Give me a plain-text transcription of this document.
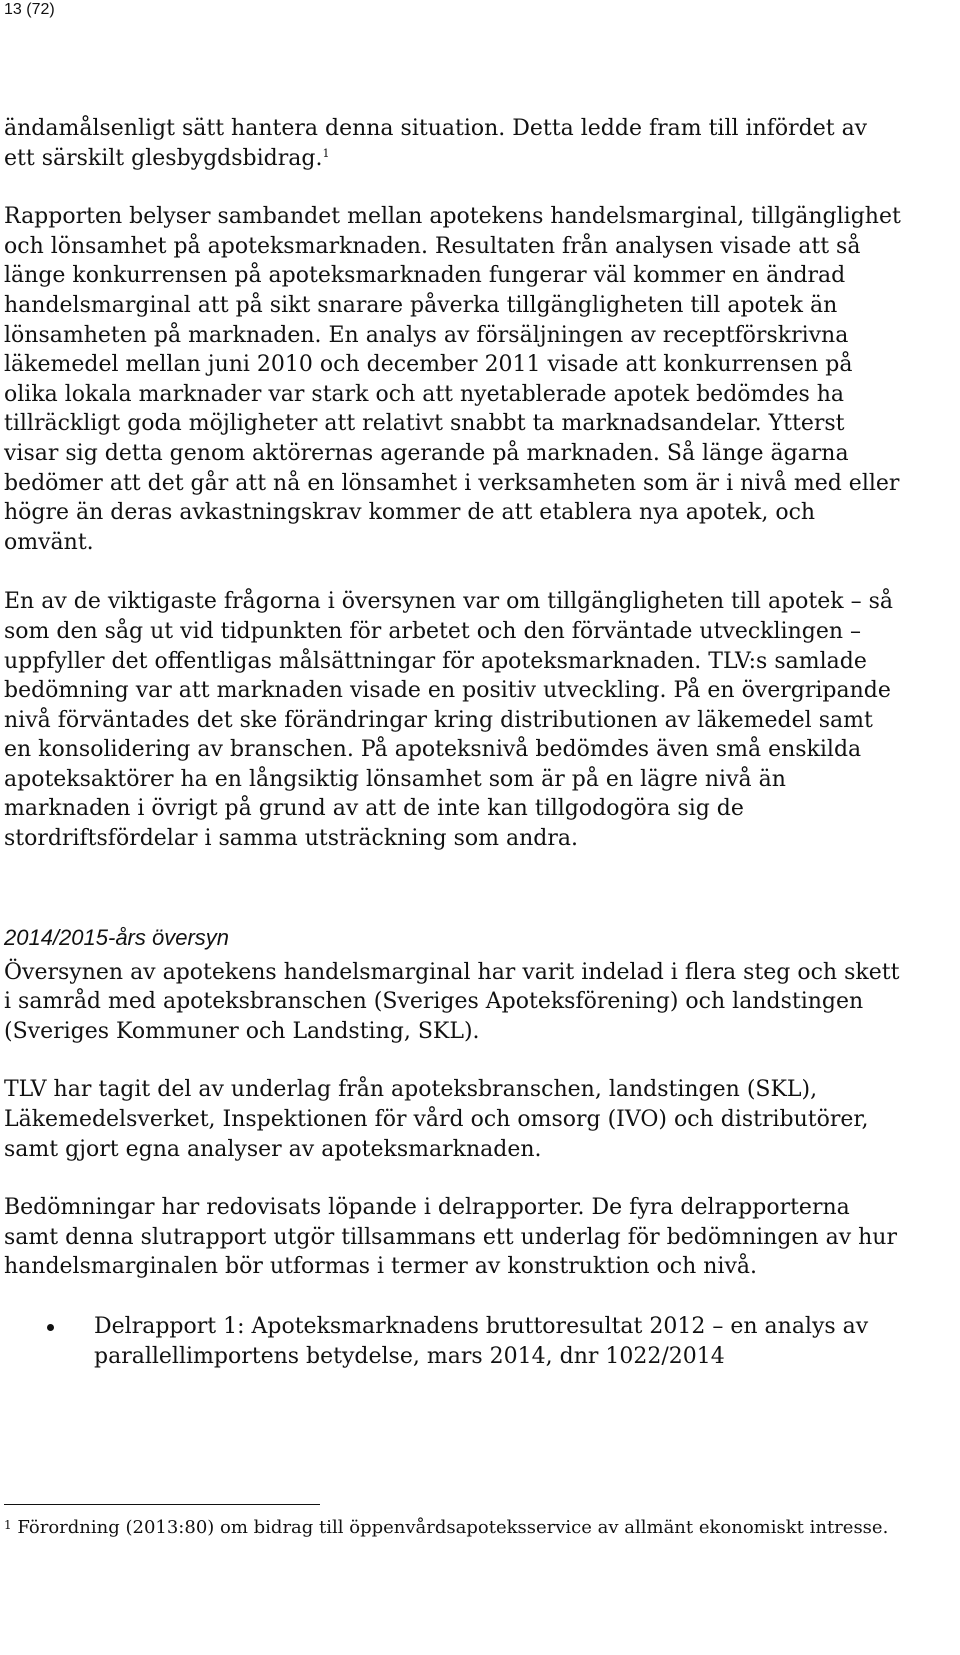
13 (72)

ändamålsenligt sätt hantera denna situation. Detta ledde fram till infördet av ett särskilt glesbygdsbidrag.$^1$

Rapporten belyser sambandet mellan apotekens handelsmarginal, tillgänglighet och lönsamhet på apoteksmarknaden. Resultaten från analysen visade att så länge konkurrensen på apoteksmarknaden fungerar väl kommer en ändrad handelsmarginal att på sikt snarare påverka tillgängligheten till apotek än lönsamheten på marknaden. En analys av försäljningen av receptförskrivna läkemedel mellan juni 2010 och december 2011 visade att konkurrensen på olika lokala marknader var stark och att nyetablerade apotek bedömdes ha tillräckligt goda möjligheter att relativt snabbt ta marknadsandelar. Ytterst visar sig detta genom aktörernas agerande på marknaden. Så länge ägarna bedömer att det går att nå en lönsamhet i verksamheten som är i nivå med eller högre än deras avkastningskrav kommer de att etablera nya apotek, och omvänt.

En av de viktigaste frågorna i översynen var om tillgängligheten till apotek – så som den såg ut vid tidpunkten för arbetet och den förväntade utvecklingen – uppfyller det offentligas målsättningar för apoteksmarknaden. TLV:s samlade bedömning var att marknaden visade en positiv utveckling. På en övergripande nivå förväntades det ske förändringar kring distributionen av läkemedel samt en konsolidering av branschen. På apoteksnivå bedömdes även små enskilda apoteksaktörer ha en långsiktig lönsamhet som är på en lägre nivå än marknaden i övrigt på grund av att de inte kan tillgodogöra sig de stordriftsfördelar i samma utsträckning som andra.

2014/2015-års översyn

Översynen av apotekens handelsmarginal har varit indelad i flera steg och skett i samråd med apoteksbranschen (Sveriges Apoteksförening) och landstingen (Sveriges Kommuner och Landsting, SKL).

TLV har tagit del av underlag från apoteksbranschen, landstingen (SKL), Läkemedelsverket, Inspektionen för vård och omsorg (IVO) och distributörer, samt gjort egna analyser av apoteksmarknaden.

Bedömningar har redovisats löpande i delrapporter. De fyra delrapporterna samt denna slutrapport utgör tillsammans ett underlag för bedömningen av hur handelsmarginalen bör utformas i termer av konstruktion och nivå.

Delrapport 1: Apoteksmarknadens bruttoresultat 2012 – en analys av parallellimportens betydelse, mars 2014, dnr 1022/2014
$^1$ Förordning (2013:80) om bidrag till öppenvårdsapoteksservice av allmänt ekonomiskt intresse.
